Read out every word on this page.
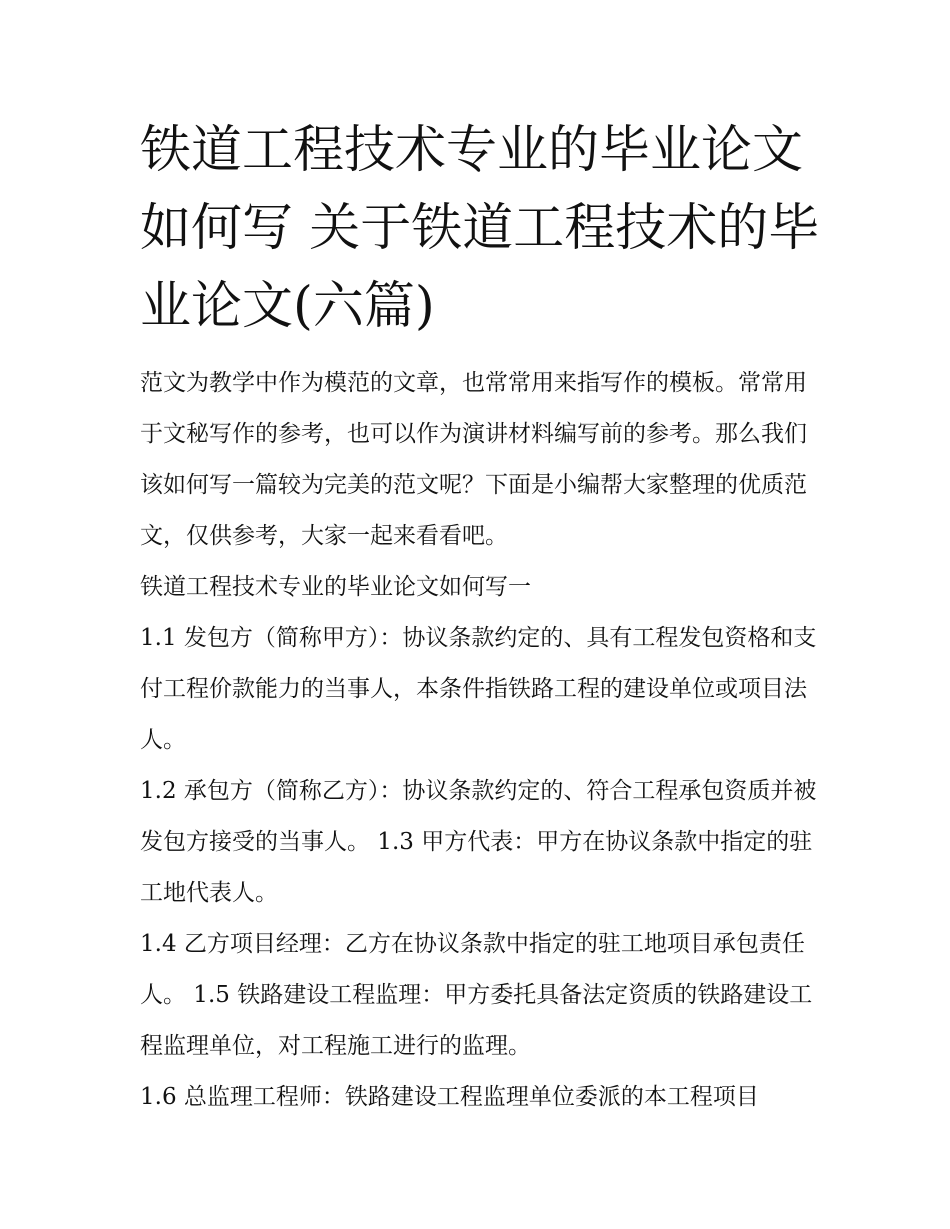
铁道工程技术专业的毕业论文如何写 关于铁道工程技术的毕业论文(六篇)

范文为教学中作为模范的文章，也常常用来指写作的模板。常常用于文秘写作的参考，也可以作为演讲材料编写前的参考。那么我们该如何写一篇较为完美的范文呢？下面是小编帮大家整理的优质范文，仅供参考，大家一起来看看吧。

铁道工程技术专业的毕业论文如何写一

1.1 发包方（简称甲方）：协议条款约定的、具有工程发包资格和支付工程价款能力的当事人，本条件指铁路工程的建设单位或项目法人。

1.2 承包方（简称乙方）：协议条款约定的、符合工程承包资质并被发包方接受的当事人。 1.3 甲方代表：甲方在协议条款中指定的驻工地代表人。

1.4 乙方项目经理：乙方在协议条款中指定的驻工地项目承包责任人。 1.5 铁路建设工程监理：甲方委托具备法定资质的铁路建设工程监理单位，对工程施工进行的监理。

1.6 总监理工程师：铁路建设工程监理单位委派的本工程项目
